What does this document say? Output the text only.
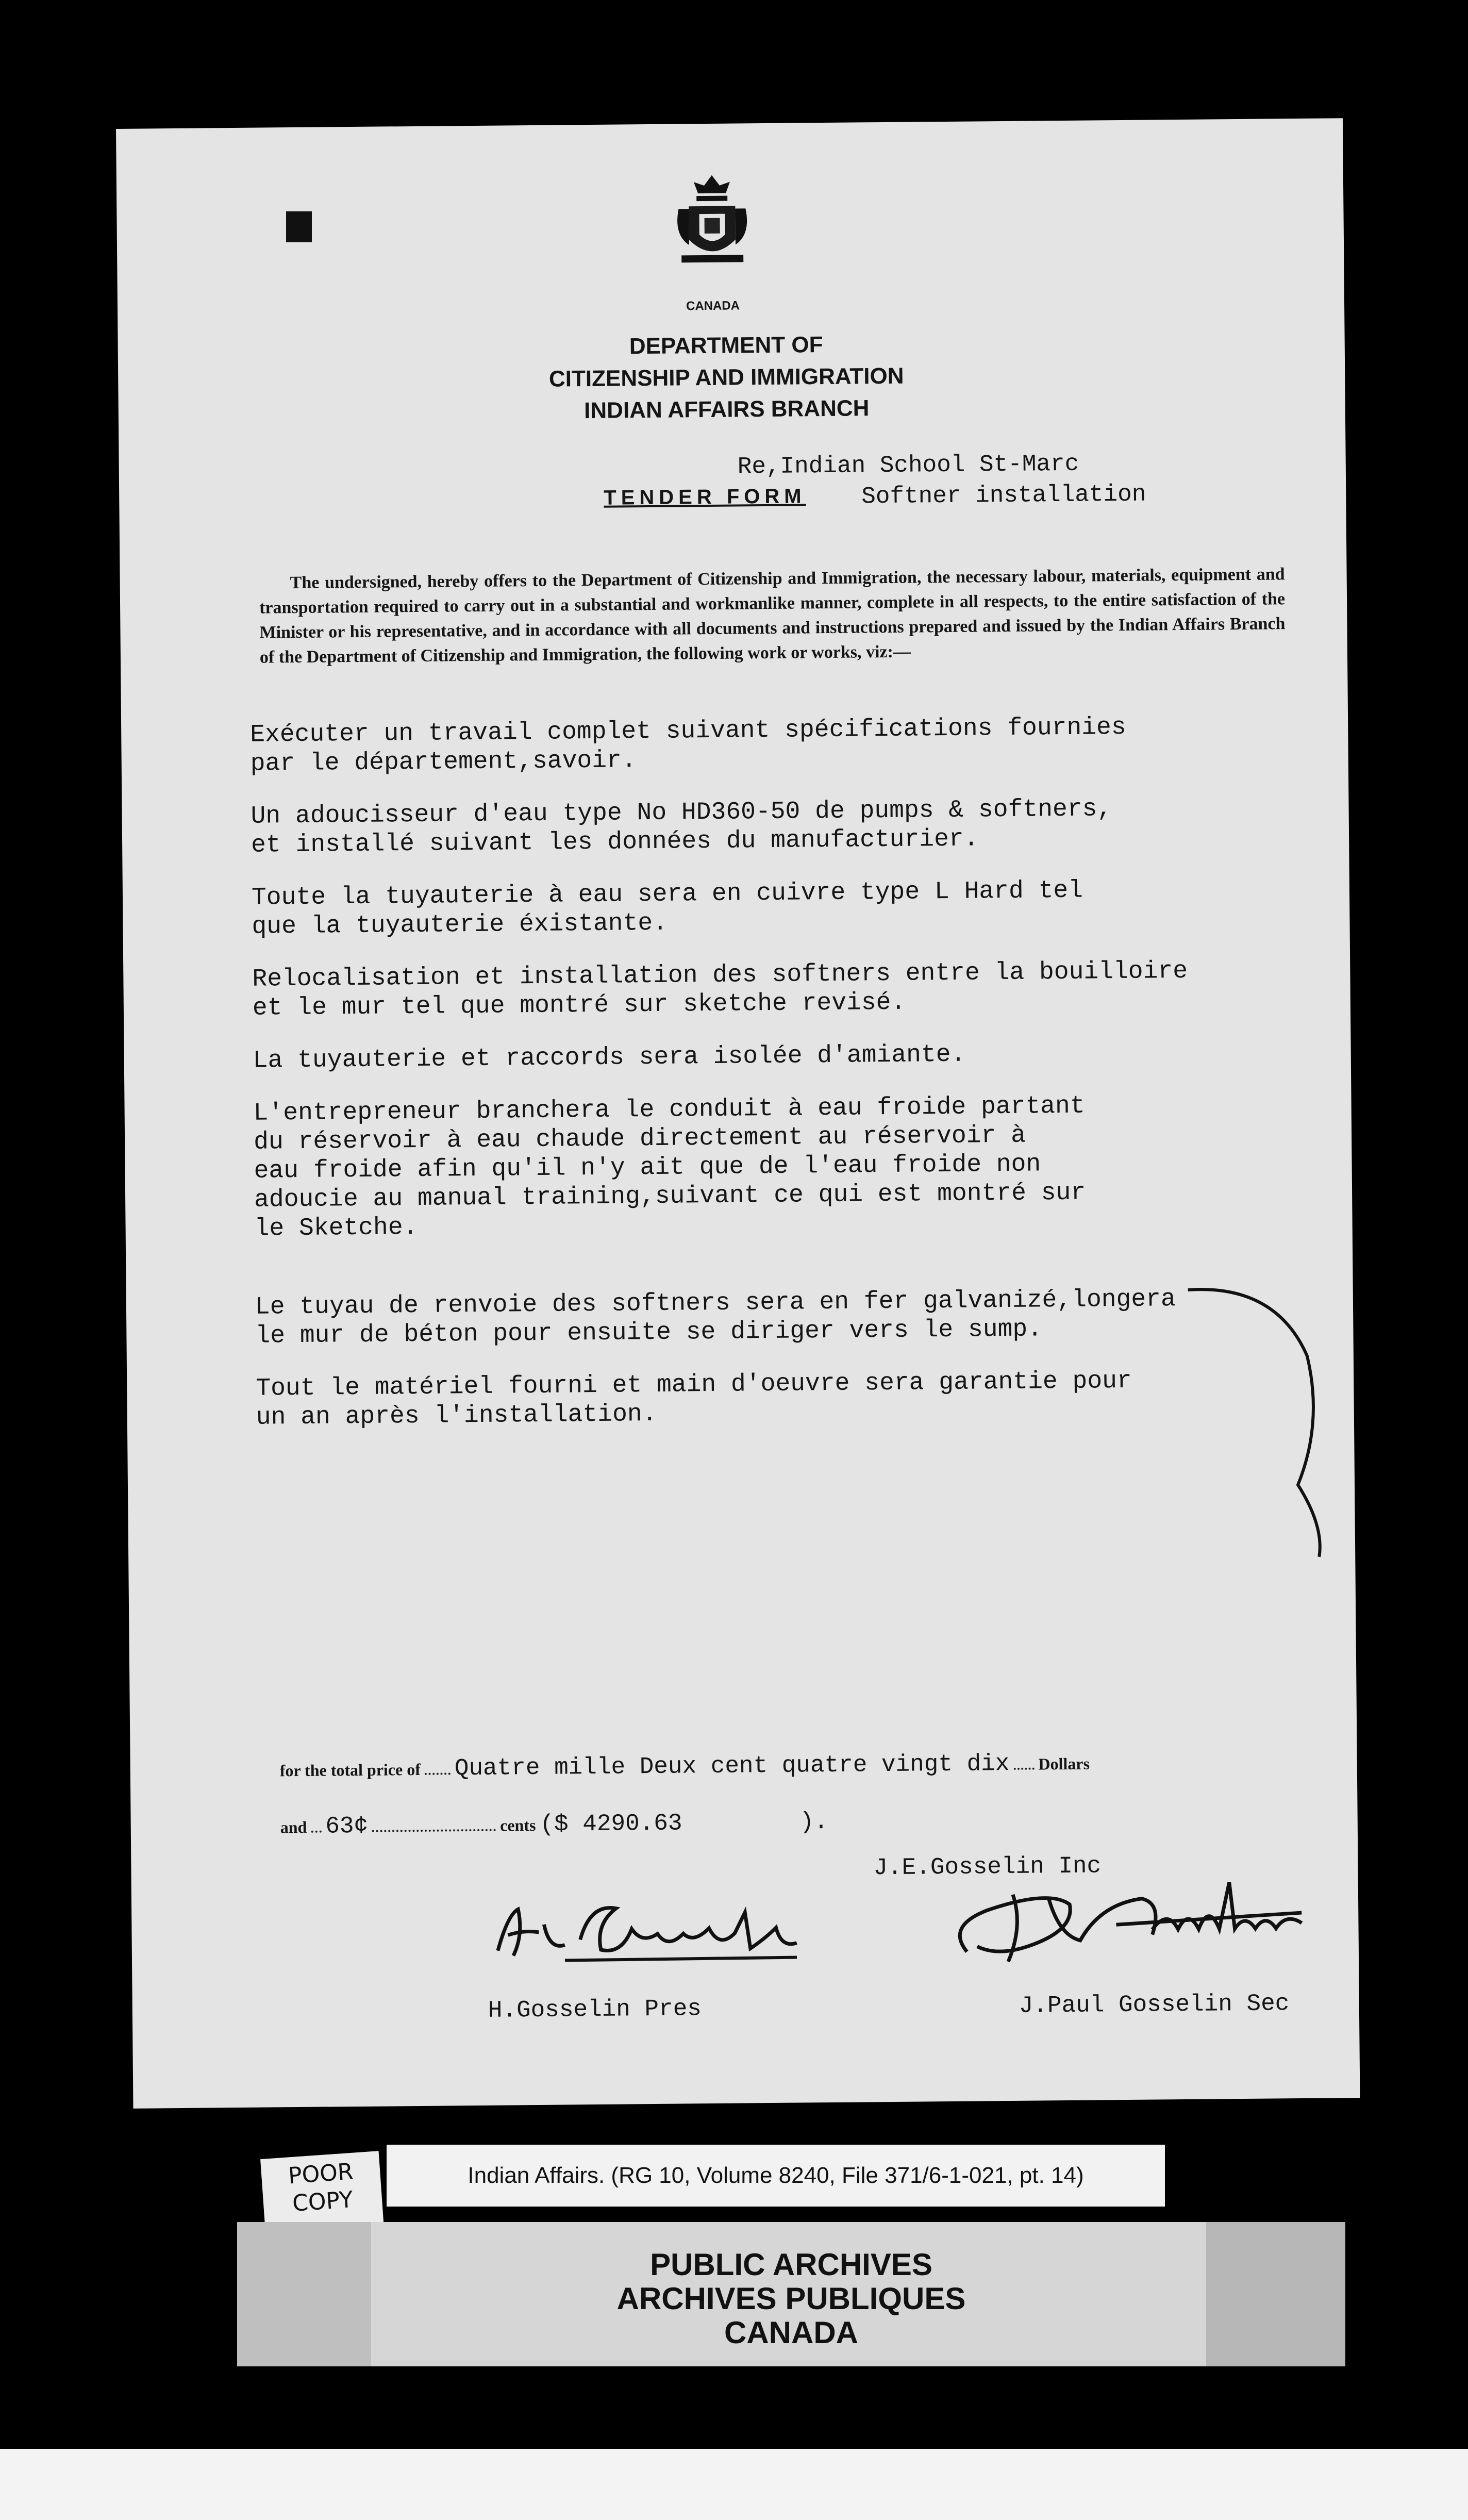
CANADA
DEPARTMENT OF
CITIZENSHIP AND IMMIGRATION
INDIAN AFFAIRS BRANCH
Re,Indian School St-Marc
TENDER FORM Softner installation
The undersigned, hereby offers to the Department of Citizenship and Immigration, the necessary labour, materials, equipment and transportation required to carry out in a substantial and workmanlike manner, complete in all respects, to the entire satisfaction of the Minister or his representative, and in accordance with all documents and instructions prepared and issued by the Indian Affairs Branch of the Department of Citizenship and Immigration, the following work or works, viz:—

Exécuter un travail complet suivant spécifications fournies
par le département,savoir.

Un adoucisseur d'eau type No HD360-50 de pumps & softners,
et installé suivant les données du manufacturier.

Toute la tuyauterie à eau sera en cuivre type L Hard tel
que la tuyauterie éxistante.

Relocalisation et installation des softners entre la bouilloire
et le mur tel que montré sur sketche revisé.

La tuyauterie et raccords sera isolée d'amiante.

L'entrepreneur branchera le conduit à eau froide partant
du réservoir à eau chaude directement au réservoir à
eau froide afin qu'il n'y ait que de l'eau froide non
adoucie au manual training,suivant ce qui est montré sur
le Sketche.

Le tuyau de renvoie des softners sera en fer galvanizé,longera
le mur de béton pour ensuite se diriger vers le sump.

Tout le matériel fourni et main d'oeuvre sera garantie pour
un an après l'installation.

for the total price of Quatre mille Deux cent quatre vingt dix Dollars
and 63¢	cents ($ 4290.63	).
J.E.Gosselin Inc
H.Gosselin Pres	J.Paul Gosselin Sec
POOR COPY
Indian Affairs. (RG 10, Volume 8240, File 371/6-1-021, pt. 14)
PUBLIC ARCHIVES
ARCHIVES PUBLIQUES
CANADA
